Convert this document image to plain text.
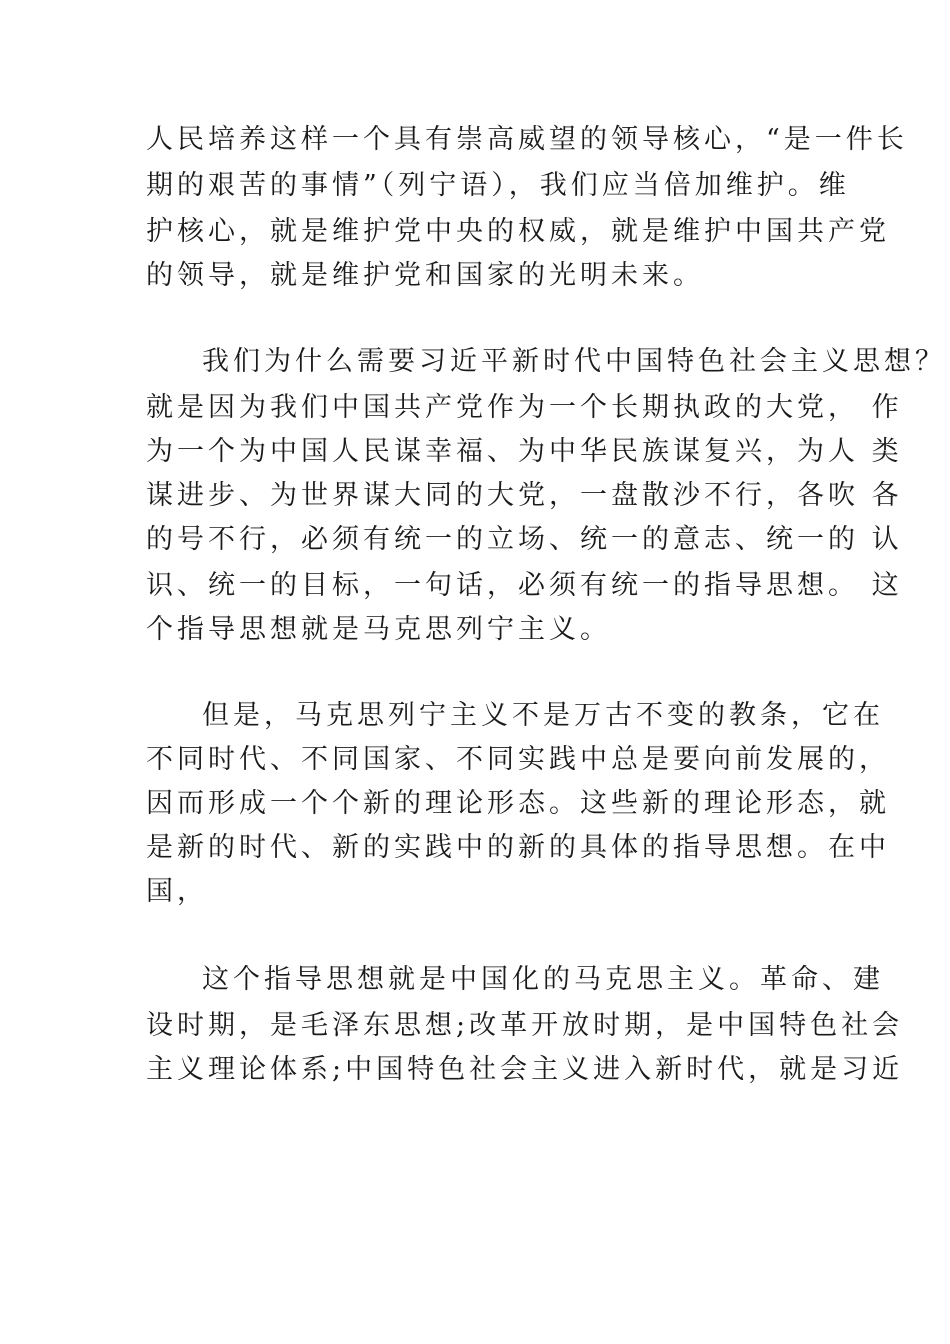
人民培养这样一个具有崇高威望的领导核心，“是一件长
期的艰苦的事情”（列宁语），我们应当倍加维护。维
护核心，就是维护党中央的权威，就是维护中国共产党
的领导，就是维护党和国家的光明未来。
我们为什么需要习近平新时代中国特色社会主义思想？
就是因为我们中国共产党作为一个长期执政的大党， 作
为一个为中国人民谋幸福、为中华民族谋复兴，为人 类
谋进步、为世界谋大同的大党，一盘散沙不行，各吹 各
的号不行，必须有统一的立场、统一的意志、统一的 认
识、统一的目标，一句话，必须有统一的指导思想。 这
个指导思想就是马克思列宁主义。
但是，马克思列宁主义不是万古不变的教条，它在
不同时代、不同国家、不同实践中总是要向前发展的，
因而形成一个个新的理论形态。这些新的理论形态，就
是新的时代、新的实践中的新的具体的指导思想。在中
国，
这个指导思想就是中国化的马克思主义。革命、建
设时期，是毛泽东思想;改革开放时期，是中国特色社会
主义理论体系;中国特色社会主义进入新时代，就是习近
